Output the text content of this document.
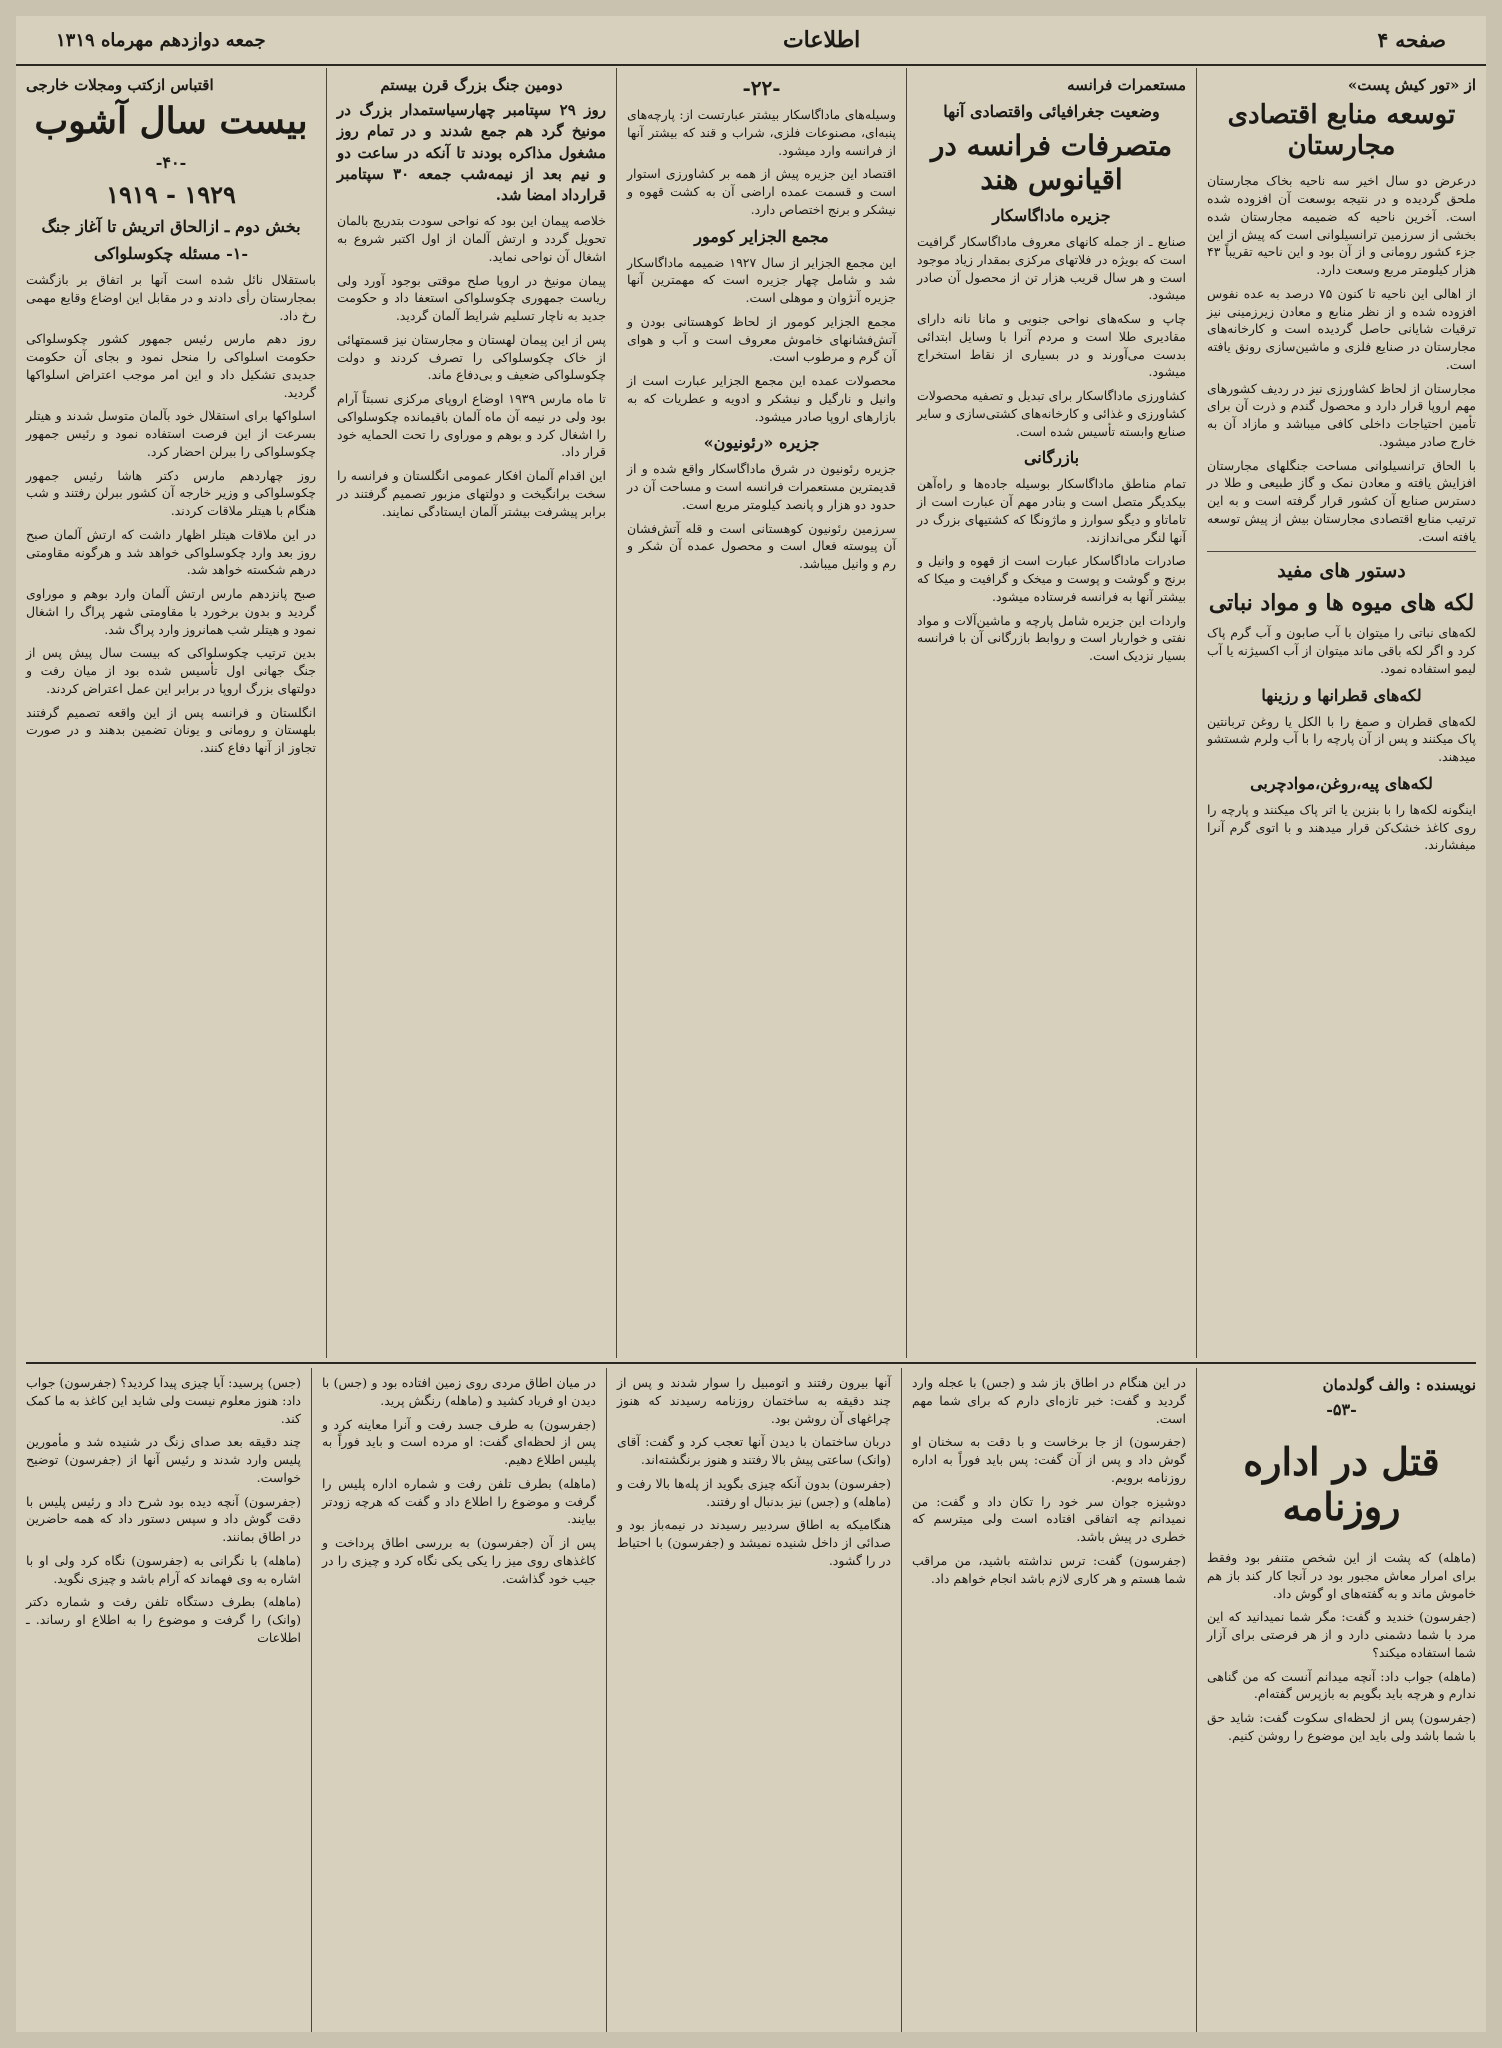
صفحه ۴
اطلاعات
جمعه دوازدهم مهرماه ۱۳۱۹
از «تور کیش پست»
توسعه منابع اقتصادی مجارستان

درعرض دو سال اخیر سه ناحیه بخاک مجارستان ملحق گردیده و در نتیجه بوسعت آن افزوده شده است. آخرین ناحیه که ضمیمه مجارستان شده بخشی از سرزمین ترانسیلوانی است که پیش از این جزء کشور رومانی و از آن بود و این ناحیه تقریباً ۴۳ هزار کیلومتر مربع وسعت دارد.

از اهالی این ناحیه تا کنون ۷۵ درصد به عده نفوس افزوده شده و از نظر منابع و معادن زیرزمینی نیز ترقیات شایانی حاصل گردیده است و کارخانه‌های مجارستان در صنایع فلزی و ماشین‌سازی رونق یافته است.

مجارستان از لحاظ کشاورزی نیز در ردیف کشورهای مهم اروپا قرار دارد و محصول گندم و ذرت آن برای تأمین احتیاجات داخلی کافی میباشد و مازاد آن به خارج صادر میشود.

با الحاق ترانسیلوانی مساحت جنگلهای مجارستان افزایش یافته و معادن نمک و گاز طبیعی و طلا در دسترس صنایع آن کشور قرار گرفته است و به این ترتیب منابع اقتصادی مجارستان بیش از پیش توسعه یافته است.

دستور های مفید
لکه های میوه ها و مواد نباتی

لکه‌های نباتی را میتوان با آب صابون و آب گرم پاک کرد و اگر لکه باقی ماند میتوان از آب اکسیژنه یا آب لیمو استفاده نمود.

لکه‌های قطرانها و رزینها

لکه‌های قطران و صمغ را با الکل یا روغن تربانتین پاک میکنند و پس از آن پارچه را با آب ولرم شستشو میدهند.

لکه‌های پیه،روغن،موادچربی

اینگونه لکه‌ها را با بنزین یا اتر پاک میکنند و پارچه را روی کاغذ خشک‌کن قرار میدهند و با اتوی گرم آنرا میفشارند.

مستعمرات فرانسه
وضعیت جغرافیائی واقتصادی آنها
متصرفات فرانسه در اقیانوس هند
جزیره ماداگاسکار

صنایع ـ از جمله کانهای معروف ماداگاسکار گرافیت است که بویژه در فلاتهای مرکزی بمقدار زیاد موجود است و هر سال قریب هزار تن از محصول آن صادر میشود.

چاپ و سکه‌های نواحی جنوبی و مانا نانه دارای مقادیری طلا است و مردم آنرا با وسایل ابتدائی بدست می‌آورند و در بسیاری از نقاط استخراج میشود.

کشاورزی ماداگاسکار برای تبدیل و تصفیه محصولات کشاورزی و غذائی و کارخانه‌های کشتی‌سازی و سایر صنایع وابسته تأسیس شده است.

بازرگانی

تمام مناطق ماداگاسکار بوسیله جاده‌ها و راه‌آهن بیکدیگر متصل است و بنادر مهم آن عبارت است از تاماتاو و دیگو سوارز و ماژونگا که کشتیهای بزرگ در آنها لنگر می‌اندازند.

صادرات ماداگاسکار عبارت است از قهوه و وانیل و برنج و گوشت و پوست و میخک و گرافیت و میکا که بیشتر آنها به فرانسه فرستاده میشود.

واردات این جزیره شامل پارچه و ماشین‌آلات و مواد نفتی و خواربار است و روابط بازرگانی آن با فرانسه بسیار نزدیک است.

-۲۲-

وسیله‌های ماداگاسکار بیشتر عبارتست از: پارچه‌های پنبه‌ای، مصنوعات فلزی، شراب و قند که بیشتر آنها از فرانسه وارد میشود.

اقتصاد این جزیره پیش از همه بر کشاورزی استوار است و قسمت عمده اراضی آن به کشت قهوه و نیشکر و برنج اختصاص دارد.

مجمع الجزایر کومور

این مجمع الجزایر از سال ۱۹۲۷ ضمیمه ماداگاسکار شد و شامل چهار جزیره است که مهمترین آنها جزیره آنژوان و موهلی است.

مجمع الجزایر کومور از لحاظ کوهستانی بودن و آتش‌فشانهای خاموش معروف است و آب و هوای آن گرم و مرطوب است.

محصولات عمده این مجمع الجزایر عبارت است از وانیل و نارگیل و نیشکر و ادویه و عطریات که به بازارهای اروپا صادر میشود.

جزیره «رئونیون»

جزیره رئونیون در شرق ماداگاسکار واقع شده و از قدیمترین مستعمرات فرانسه است و مساحت آن در حدود دو هزار و پانصد کیلومتر مربع است.

سرزمین رئونیون کوهستانی است و قله آتش‌فشان آن پیوسته فعال است و محصول عمده آن شکر و رم و وانیل میباشد.

دومین جنگ بزرگ قرن بیستم

روز ۲۹ سپتامبر چهارسیاستمدار بزرگ در مونیخ گرد هم جمع شدند و در تمام روز مشغول مذاکره بودند تا آنکه در ساعت دو و نیم بعد از نیمه‌شب جمعه ۳۰ سپتامبر قرارداد امضا شد.

خلاصه پیمان این بود که نواحی سودت بتدریج بالمان تحویل گردد و ارتش آلمان از اول اکتبر شروع به اشغال آن نواحی نماید.

پیمان مونیخ در اروپا صلح موقتی بوجود آورد ولی ریاست جمهوری چکوسلواکی استعفا داد و حکومت جدید به ناچار تسلیم شرایط آلمان گردید.

پس از این پیمان لهستان و مجارستان نیز قسمتهائی از خاک چکوسلواکی را تصرف کردند و دولت چکوسلواکی ضعیف و بی‌دفاع ماند.

تا ماه مارس ۱۹۳۹ اوضاع اروپای مرکزی نسبتاً آرام بود ولی در نیمه آن ماه آلمان باقیمانده چکوسلواکی را اشغال کرد و بوهم و موراوی را تحت الحمایه خود قرار داد.

این اقدام آلمان افکار عمومی انگلستان و فرانسه را سخت برانگیخت و دولتهای مزبور تصمیم گرفتند در برابر پیشرفت بیشتر آلمان ایستادگی نمایند.

اقتباس ازکتب ومجلات خارجی
بیست سال آشوب
-۴۰-
۱۹۲۹ - ۱۹۱۹
بخش دوم ـ ازالحاق اتریش تا آغاز جنگ
-۱- مسئله چکوسلواکی

باستقلال نائل شده است آنها بر اتفاق بر بازگشت بمجارستان رأی دادند و در مقابل این اوضاع وقایع مهمی رخ داد.

روز دهم مارس رئیس جمهور کشور چکوسلواکی حکومت اسلواکی را منحل نمود و بجای آن حکومت جدیدی تشکیل داد و این امر موجب اعتراض اسلواکها گردید.

اسلواکها برای استقلال خود بآلمان متوسل شدند و هیتلر بسرعت از این فرصت استفاده نمود و رئیس جمهور چکوسلواکی را ببرلن احضار کرد.

روز چهاردهم مارس دکتر هاشا رئیس جمهور چکوسلواکی و وزیر خارجه آن کشور ببرلن رفتند و شب هنگام با هیتلر ملاقات کردند.

در این ملاقات هیتلر اظهار داشت که ارتش آلمان صبح روز بعد وارد چکوسلواکی خواهد شد و هرگونه مقاومتی درهم شکسته خواهد شد.

صبح پانزدهم مارس ارتش آلمان وارد بوهم و موراوی گردید و بدون برخورد با مقاومتی شهر پراگ را اشغال نمود و هیتلر شب همانروز وارد پراگ شد.

بدین ترتیب چکوسلواکی که بیست سال پیش پس از جنگ جهانی اول تأسیس شده بود از میان رفت و دولتهای بزرگ اروپا در برابر این عمل اعتراض کردند.

انگلستان و فرانسه پس از این واقعه تصمیم گرفتند بلهستان و رومانی و یونان تضمین بدهند و در صورت تجاوز از آنها دفاع کنند.

نویسنده : والف گولدمان
-۵۳-
قتل در اداره روزنامه

(ماهله) که پشت از این شخص متنفر بود وفقط برای امرار معاش مجبور بود در آنجا کار کند باز هم خاموش ماند و به گفته‌های او گوش داد.

(جفرسون) خندید و گفت: مگر شما نمیدانید که این مرد با شما دشمنی دارد و از هر فرصتی برای آزار شما استفاده میکند؟

(ماهله) جواب داد: آنچه میدانم آنست که من گناهی ندارم و هرچه باید بگویم به بازپرس گفته‌ام.

(جفرسون) پس از لحظه‌ای سکوت گفت: شاید حق با شما باشد ولی باید این موضوع را روشن کنیم.

در این هنگام در اطاق باز شد و (جس) با عجله وارد گردید و گفت: خبر تازه‌ای دارم که برای شما مهم است.

(جفرسون) از جا برخاست و با دقت به سخنان او گوش داد و پس از آن گفت: پس باید فوراً به اداره روزنامه برویم.

دوشیزه جوان سر خود را تکان داد و گفت: من نمیدانم چه اتفاقی افتاده است ولی میترسم که خطری در پیش باشد.

(جفرسون) گفت: ترس نداشته باشید، من مراقب شما هستم و هر کاری لازم باشد انجام خواهم داد.

آنها بیرون رفتند و اتومبیل را سوار شدند و پس از چند دقیقه به ساختمان روزنامه رسیدند که هنوز چراغهای آن روشن بود.

دربان ساختمان با دیدن آنها تعجب کرد و گفت: آقای (وانک) ساعتی پیش بالا رفتند و هنوز برنگشته‌اند.

(جفرسون) بدون آنکه چیزی بگوید از پله‌ها بالا رفت و (ماهله) و (جس) نیز بدنبال او رفتند.

هنگامیکه به اطاق سردبیر رسیدند در نیمه‌باز بود و صدائی از داخل شنیده نمیشد و (جفرسون) با احتیاط در را گشود.

در میان اطاق مردی روی زمین افتاده بود و (جس) با دیدن او فریاد کشید و (ماهله) رنگش پرید.

(جفرسون) به طرف جسد رفت و آنرا معاینه کرد و پس از لحظه‌ای گفت: او مرده است و باید فوراً به پلیس اطلاع دهیم.

(ماهله) بطرف تلفن رفت و شماره اداره پلیس را گرفت و موضوع را اطلاع داد و گفت که هرچه زودتر بیایند.

پس از آن (جفرسون) به بررسی اطاق پرداخت و کاغذهای روی میز را یکی یکی نگاه کرد و چیزی را در جیب خود گذاشت.

(جس) پرسید: آیا چیزی پیدا کردید؟ (جفرسون) جواب داد: هنوز معلوم نیست ولی شاید این کاغذ به ما کمک کند.

چند دقیقه بعد صدای زنگ در شنیده شد و مأمورین پلیس وارد شدند و رئیس آنها از (جفرسون) توضیح خواست.

(جفرسون) آنچه دیده بود شرح داد و رئیس پلیس با دقت گوش داد و سپس دستور داد که همه حاضرین در اطاق بمانند.

(ماهله) با نگرانی به (جفرسون) نگاه کرد ولی او با اشاره به وی فهماند که آرام باشد و چیزی نگوید.

(ماهله) بطرف دستگاه تلفن رفت و شماره دکتر (وانک) را گرفت و موضوع را به اطلاع او رساند. ـ اطلاعات
